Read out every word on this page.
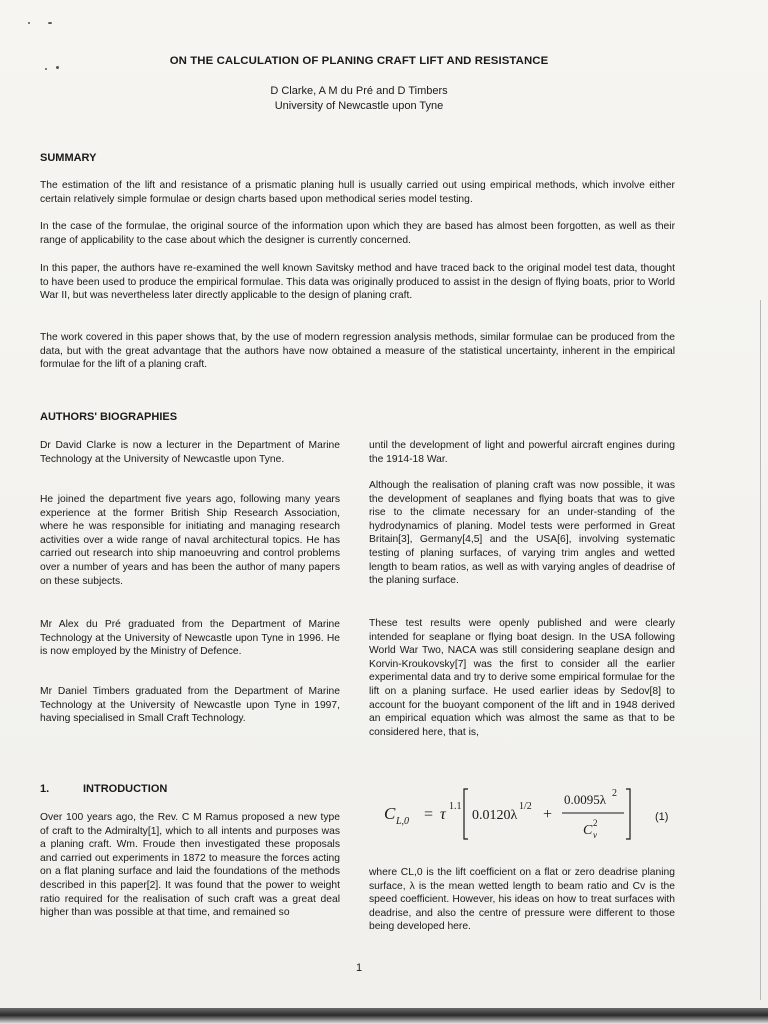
ON THE CALCULATION OF PLANING CRAFT LIFT AND RESISTANCE
D Clarke, A M du Pré and D Timbers
University of Newcastle upon Tyne
SUMMARY

The estimation of the lift and resistance of a prismatic planing hull is usually carried out using empirical methods, which involve either certain relatively simple formulae or design charts based upon methodical series model testing.

In the case of the formulae, the original source of the information upon which they are based has almost been forgotten, as well as their range of applicability to the case about which the designer is currently concerned.

In this paper, the authors have re-examined the well known Savitsky method and have traced back to the original model test data, thought to have been used to produce the empirical formulae. This data was originally produced to assist in the design of flying boats, prior to World War II, but was nevertheless later directly applicable to the design of planing craft.

The work covered in this paper shows that, by the use of modern regression analysis methods, similar formulae can be produced from the data, but with the great advantage that the authors have now obtained a measure of the statistical uncertainty, inherent in the empirical formulae for the lift of a planing craft.

AUTHORS' BIOGRAPHIES

Dr David Clarke is now a lecturer in the Department of Marine Technology at the University of Newcastle upon Tyne.

He joined the department five years ago, following many years experience at the former British Ship Research Association, where he was responsible for initiating and managing research activities over a wide range of naval architectural topics. He has carried out research into ship manoeuvring and control problems over a number of years and has been the author of many papers on these subjects.

Mr Alex du Pré graduated from the Department of Marine Technology at the University of Newcastle upon Tyne in 1996. He is now employed by the Ministry of Defence.

Mr Daniel Timbers graduated from the Department of Marine Technology at the University of Newcastle upon Tyne in 1997, having specialised in Small Craft Technology.

1.	INTRODUCTION

Over 100 years ago, the Rev. C M Ramus proposed a new type of craft to the Admiralty[1], which to all intents and purposes was a planing craft. Wm. Froude then investigated these proposals and carried out experiments in 1872 to measure the forces acting on a flat planing surface and laid the foundations of the methods described in this paper[2]. It was found that the power to weight ratio required for the realisation of such craft was a great deal higher than was possible at that time, and remained so

until the development of light and powerful aircraft engines during the 1914-18 War.

Although the realisation of planing craft was now possible, it was the development of seaplanes and flying boats that was to give rise to the climate necessary for an under-standing of the hydrodynamics of planing. Model tests were performed in Great Britain[3], Germany[4,5] and the USA[6], involving systematic testing of planing surfaces, of varying trim angles and wetted length to beam ratios, as well as with varying angles of deadrise of the planing surface.

These test results were openly published and were clearly intended for seaplane or flying boat design. In the USA following World War Two, NACA was still considering seaplane design and Korvin-Kroukovsky[7] was the first to consider all the earlier experimental data and try to derive some empirical formulae for the lift on a planing surface. He used earlier ideas by Sedov[8] to account for the buoyant component of the lift and in 1948 derived an empirical equation which was almost the same as that to be considered here, that is,

C L,0 = τ 1.1
0.0120λ
1/2 +
0.0095λ 2
C v
2	(1)

where CL,0 is the lift coefficient on a flat or zero deadrise planing surface, λ is the mean wetted length to beam ratio and Cv is the speed coefficient. However, his ideas on how to treat surfaces with deadrise, and also the centre of pressure were different to those being developed here.

1
